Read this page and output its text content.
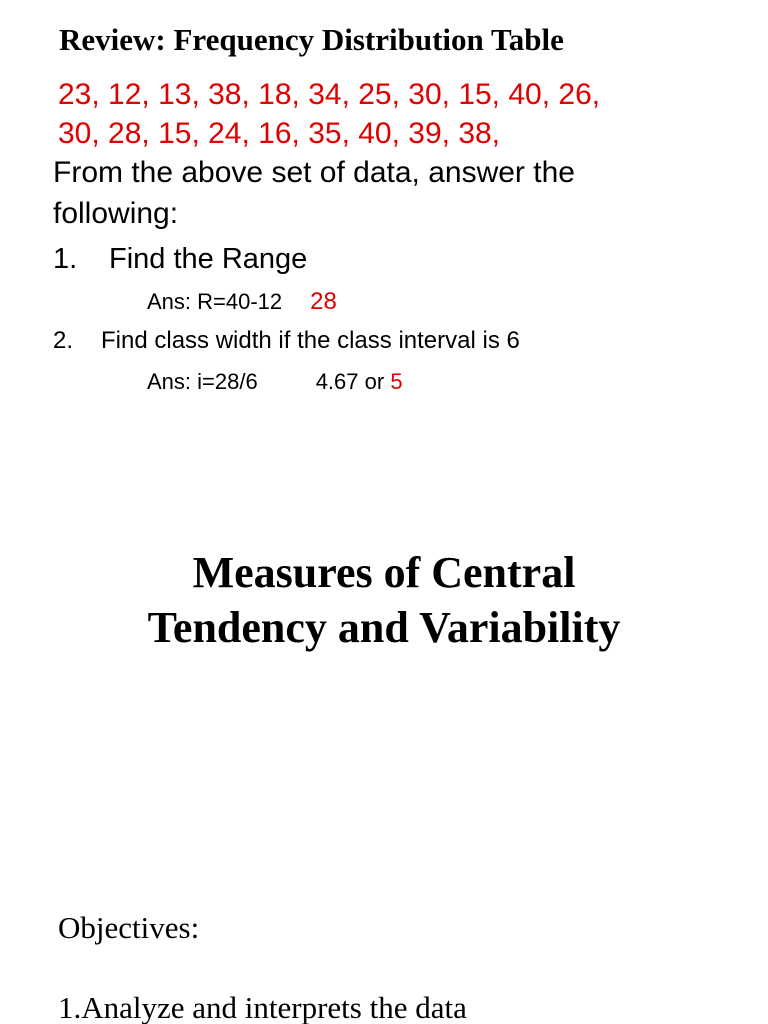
Review: Frequency Distribution Table
23, 12, 13, 38, 18, 34, 25, 30, 15, 40, 26,
30, 28, 15, 24, 16, 35, 40, 39, 38,
From the above set of data, answer the following:
1. Find the Range
Ans: R=40-12 28
2. Find class width if the class interval is 6
Ans: i=28/6	4.67 or 5
Measures of Central
Tendency and Variability
Objectives:
1.Analyze and interprets the data
